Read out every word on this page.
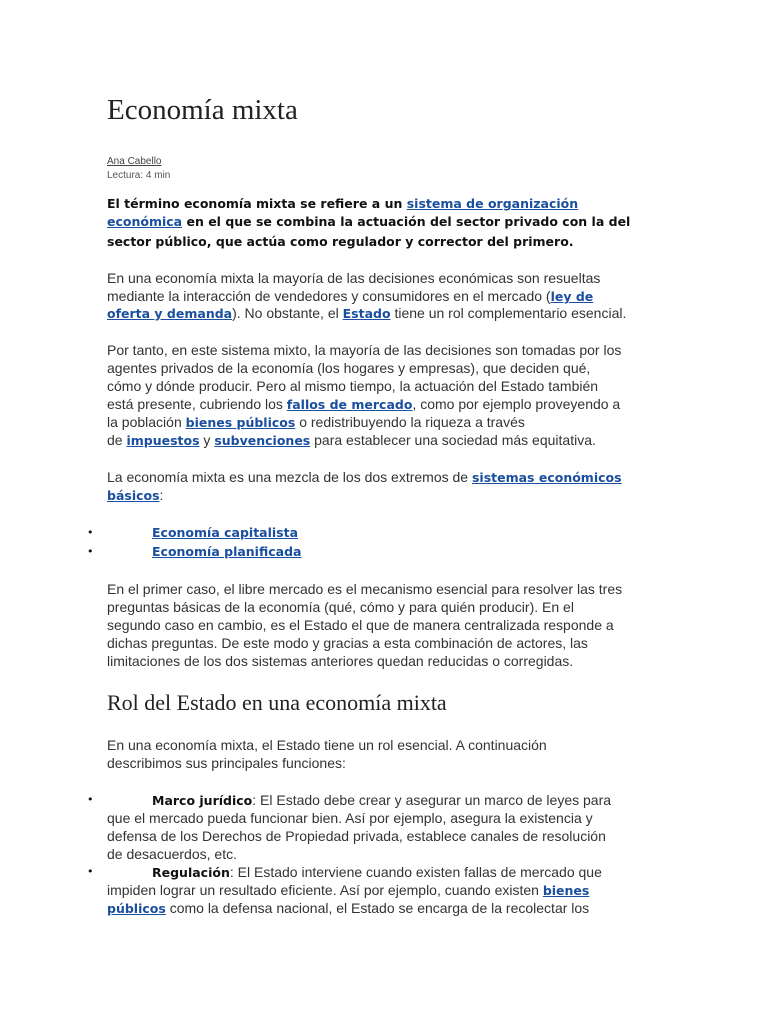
Economía mixta
Ana Cabello
Lectura: 4 min
El término economía mixta se refiere a un sistema de organización
económica en el que se combina la actuación del sector privado con la del
sector público, que actúa como regulador y corrector del primero.
En una economía mixta la mayoría de las decisiones económicas son resueltas
mediante la interacción de vendedores y consumidores en el mercado (ley de
oferta y demanda). No obstante, el Estado tiene un rol complementario esencial.
Por tanto, en este sistema mixto, la mayoría de las decisiones son tomadas por los
agentes privados de la economía (los hogares y empresas), que deciden qué,
cómo y dónde producir. Pero al mismo tiempo, la actuación del Estado también
está presente, cubriendo los fallos de mercado, como por ejemplo proveyendo a
la población bienes públicos o redistribuyendo la riqueza a través
de impuestos y subvenciones para establecer una sociedad más equitativa.
La economía mixta es una mezcla de los dos extremos de sistemas económicos
básicos:
•	Economía capitalista
•	Economía planificada
En el primer caso, el libre mercado es el mecanismo esencial para resolver las tres
preguntas básicas de la economía (qué, cómo y para quién producir). En el
segundo caso en cambio, es el Estado el que de manera centralizada responde a
dichas preguntas. De este modo y gracias a esta combinación de actores, las
limitaciones de los dos sistemas anteriores quedan reducidas o corregidas.
Rol del Estado en una economía mixta
En una economía mixta, el Estado tiene un rol esencial. A continuación
describimos sus principales funciones:
•	Marco jurídico: El Estado debe crear y asegurar un marco de leyes para
que el mercado pueda funcionar bien. Así por ejemplo, asegura la existencia y
defensa de los Derechos de Propiedad privada, establece canales de resolución
de desacuerdos, etc.
•	Regulación: El Estado interviene cuando existen fallas de mercado que
impiden lograr un resultado eficiente. Así por ejemplo, cuando existen bienes
públicos como la defensa nacional, el Estado se encarga de la recolectar los
